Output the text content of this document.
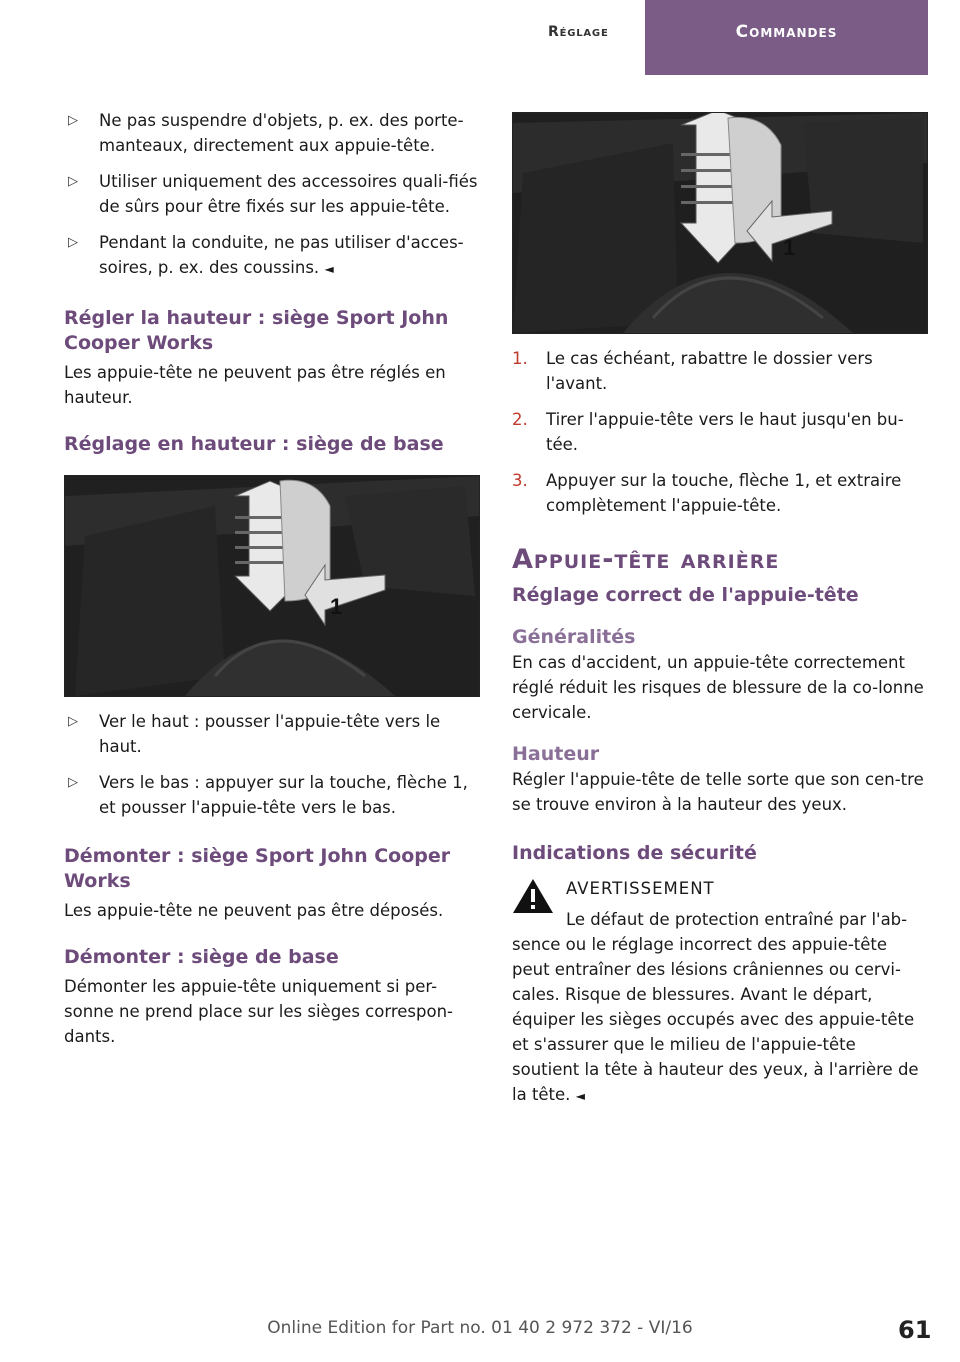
Réglage	Commandes
▷ Ne pas suspendre d'objets, p. ex. des porte-manteaux, directement aux appuie-tête.
▷ Utiliser uniquement des accessoires quali-fiés de sûrs pour être fixés sur les appuie-tête.
▷ Pendant la conduite, ne pas utiliser d'acces-soires, p. ex. des coussins. ◄
Régler la hauteur : siège Sport John Cooper Works

Les appuie-tête ne peuvent pas être réglés en hauteur.

Réglage en hauteur : siège de base
1
▷ Ver le haut : pousser l'appuie-tête vers le haut.
▷ Vers le bas : appuyer sur la touche, flèche 1, et pousser l'appuie-tête vers le bas.
Démonter : siège Sport John Cooper Works

Les appuie-tête ne peuvent pas être déposés.

Démonter : siège de base

Démonter les appuie-tête uniquement si per-sonne ne prend place sur les sièges correspon-dants.

1
1. Le cas échéant, rabattre le dossier vers l'avant.
2. Tirer l'appuie-tête vers le haut jusqu'en bu-tée.
3. Appuyer sur la touche, flèche 1, et extraire complètement l'appuie-tête.
Appuie-tête arrière
Réglage correct de l'appuie-tête
Généralités

En cas d'accident, un appuie-tête correctement réglé réduit les risques de blessure de la co-lonne cervicale.

Hauteur

Régler l'appuie-tête de telle sorte que son cen-tre se trouve environ à la hauteur des yeux.

Indications de sécurité
AVERTISSEMENT
Le défaut de protection entraîné par l'ab-sence ou le réglage incorrect des appuie-tête peut entraîner des lésions crâniennes ou cervi-cales. Risque de blessures. Avant le départ, équiper les sièges occupés avec des appuie-tête et s'assurer que le milieu de l'appuie-tête soutient la tête à hauteur des yeux, à l'arrière de la tête. ◄
Online Edition for Part no. 01 40 2 972 372 - VI/16	61
